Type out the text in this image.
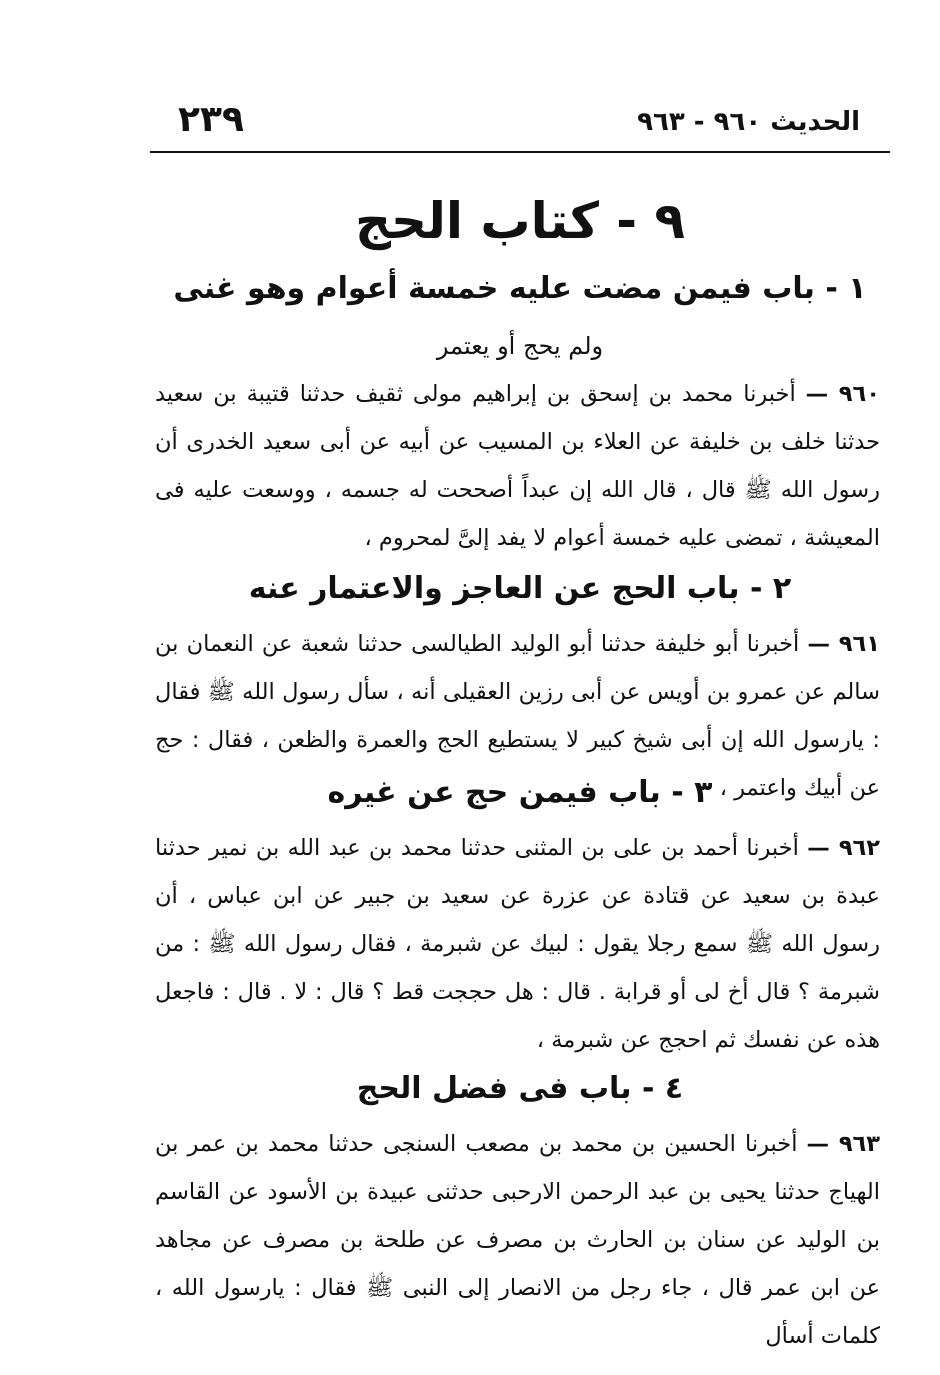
الحديث ٩٦٠ - ٩٦٣
٢٣٩
٩ - كتاب الحج
١ - باب فيمن مضت عليه خمسة أعوام وهو غنى
ولم يحج أو يعتمر
٩٦٠ — أخبرنا محمد بن إسحق بن إبراهيم مولى ثقيف حدثنا قتيبة بن سعيد حدثنا خلف بن خليفة عن العلاء بن المسيب عن أبيه عن أبى سعيد الخدرى أن رسول الله ﷺ قال ، قال الله إن عبداً أصححت له جسمه ، ووسعت عليه فى المعيشة ، تمضى عليه خمسة أعوام لا يفد إلىَّ لمحروم ،
٢ - باب الحج عن العاجز والاعتمار عنه
٩٦١ — أخبرنا أبو خليفة حدثنا أبو الوليد الطيالسى حدثنا شعبة عن النعمان بن سالم عن عمرو بن أويس عن أبى رزين العقيلى أنه ، سأل رسول الله ﷺ فقال : يارسول الله إن أبى شيخ كبير لا يستطيع الحج والعمرة والظعن ، فقال : حج عن أبيك واعتمر ،
٣ - باب فيمن حج عن غيره
٩٦٢ — أخبرنا أحمد بن على بن المثنى حدثنا محمد بن عبد الله بن نمير حدثنا عبدة بن سعيد عن قتادة عن عزرة عن سعيد بن جبير عن ابن عباس ، أن رسول الله ﷺ سمع رجلا يقول : لبيك عن شبرمة ، فقال رسول الله ﷺ : من شبرمة ؟ قال أخ لى أو قرابة . قال : هل حججت قط ؟ قال : لا . قال : فاجعل هذه عن نفسك ثم احجج عن شبرمة ،
٤ - باب فى فضل الحج
٩٦٣ — أخبرنا الحسين بن محمد بن مصعب السنجى حدثنا محمد بن عمر بن الهياج حدثنا يحيى بن عبد الرحمن الارحبى حدثنى عبيدة بن الأسود عن القاسم بن الوليد عن سنان بن الحارث بن مصرف عن طلحة بن مصرف عن مجاهد عن ابن عمر قال ، جاء رجل من الانصار إلى النبى ﷺ فقال : يارسول الله ، كلمات أسأل
